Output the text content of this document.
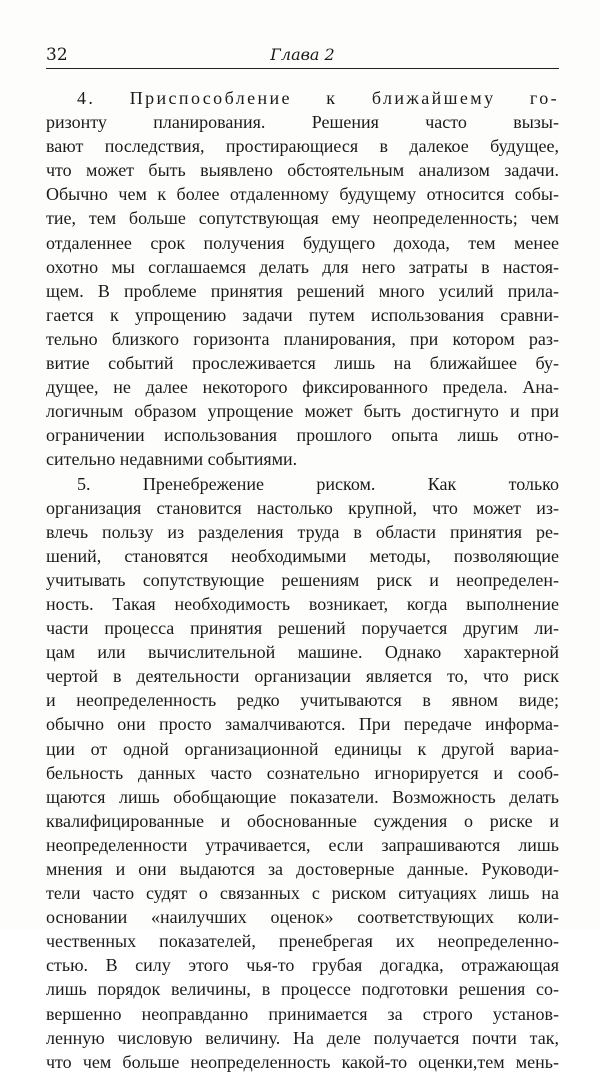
32	Глава 2
4. Приспособление к ближайшему го-
ризонту планирования. Решения часто вызы-
вают последствия, простирающиеся в далекое будущее,
что может быть выявлено обстоятельным анализом задачи.
Обычно чем к более отдаленному будущему относится собы-
тие, тем больше сопутствующая ему неопределенность; чем
отдаленнее срок получения будущего дохода, тем менее
охотно мы соглашаемся делать для него затраты в настоя-
щем. В проблеме принятия решений много усилий прила-
гается к упрощению задачи путем использования сравни-
тельно близкого горизонта планирования, при котором раз-
витие событий прослеживается лишь на ближайшее бу-
дущее, не далее некоторого фиксированного предела. Ана-
логичным образом упрощение может быть достигнуто и при
ограничении использования прошлого опыта лишь отно-
сительно недавними событиями.
5. Пренебрежение риском. Как только
организация становится настолько крупной, что может из-
влечь пользу из разделения труда в области принятия ре-
шений, становятся необходимыми методы, позволяющие
учитывать сопутствующие решениям риск и неопределен-
ность. Такая необходимость возникает, когда выполнение
части процесса принятия решений поручается другим ли-
цам или вычислительной машине. Однако характерной
чертой в деятельности организации является то, что риск
и неопределенность редко учитываются в явном виде;
обычно они просто замалчиваются. При передаче информа-
ции от одной организационной единицы к другой вариа-
бельность данных часто сознательно игнорируется и сооб-
щаются лишь обобщающие показатели. Возможность делать
квалифицированные и обоснованные суждения о риске и
неопределенности утрачивается, если запрашиваются лишь
мнения и они выдаются за достоверные данные. Руководи-
тели часто судят о связанных с риском ситуациях лишь на
основании «наилучших оценок» соответствующих коли-
чественных показателей, пренебрегая их неопределенно-
стью. В силу этого чья-то грубая догадка, отражающая
лишь порядок величины, в процессе подготовки решения со-
вершенно неоправданно принимается за строго установ-
ленную числовую величину. На деле получается почти так,
что чем больше неопределенность какой-то оценки,тем мень-
